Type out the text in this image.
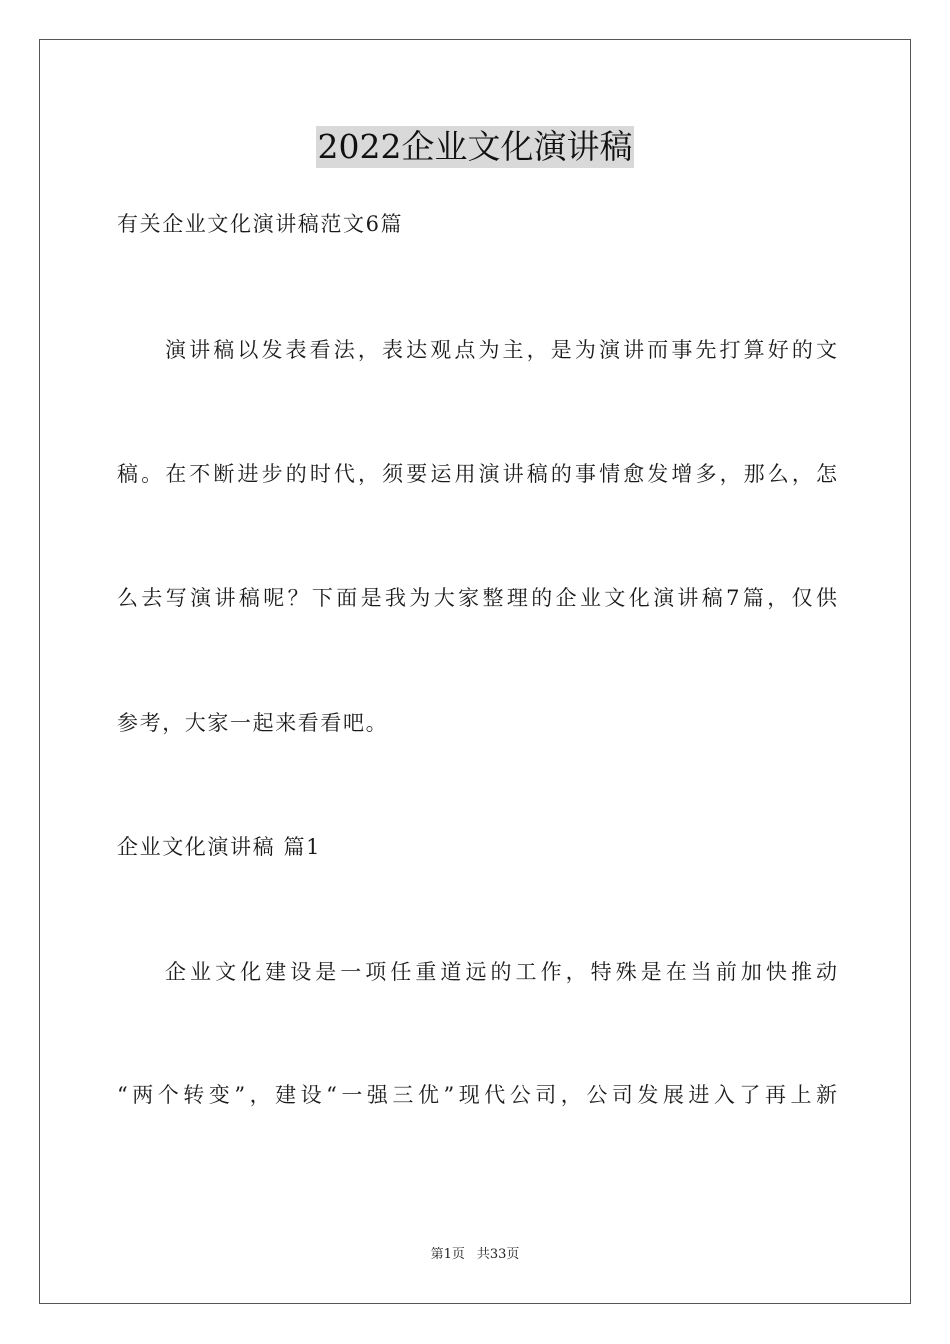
2022企业文化演讲稿
有关企业文化演讲稿范文6篇
演讲稿以发表看法，表达观点为主，是为演讲而事先打算好的文
稿。在不断进步的时代，须要运用演讲稿的事情愈发增多，那么，怎
么去写演讲稿呢？下面是我为大家整理的企业文化演讲稿7篇，仅供
参考，大家一起来看看吧。
企业文化演讲稿 篇1
企业文化建设是一项任重道远的工作，特殊是在当前加快推动
“两个转变”，建设“一强三优”现代公司，公司发展进入了再上新
第1页 共33页
